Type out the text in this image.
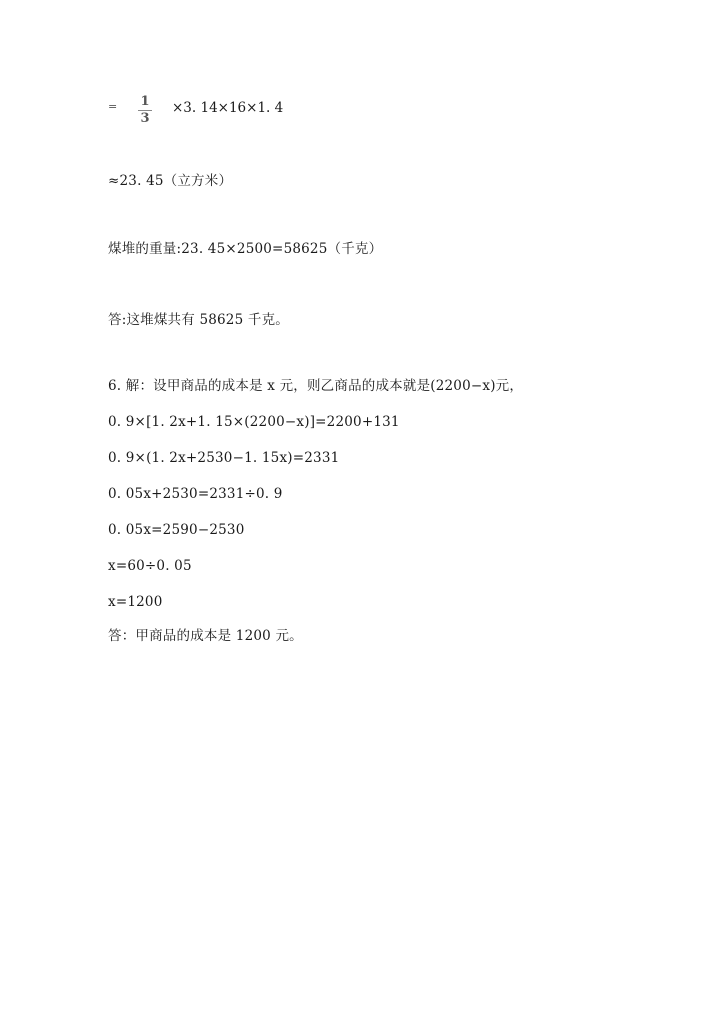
= $\frac{1}{3} \times 3$. 14×16×1. 4
≈23. 45（立方米）
煤堆的重量:23. 45×2500=58625（千克）
答:这堆煤共有 58625 千克。
6. 解：设甲商品的成本是 x 元，则乙商品的成本就是(2200−x)元，
0. 9×[1. 2x+1. 15×(2200−x)]=2200+131
0. 9×(1. 2x+2530−1. 15x)=2331
0. 05x+2530=2331÷0. 9
0. 05x=2590−2530
x=60÷0. 05
x=1200
答：甲商品的成本是 1200 元。
